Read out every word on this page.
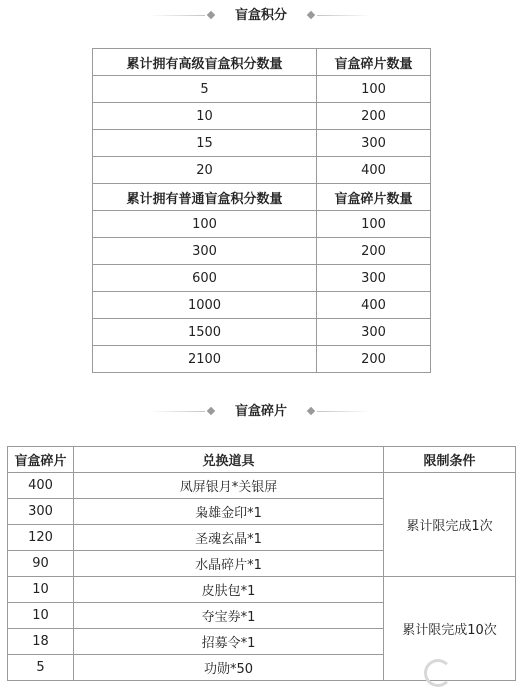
盲盒积分
累计拥有高级盲盒积分数量	盲盒碎片数量
5	100
10	200
15	300
20	400
累计拥有普通盲盒积分数量	盲盒碎片数量
100	100
300	200
600	300
1000	400
1500	300
2100	200
盲盒碎片
盲盒碎片	兑换道具	限制条件
400	凤屏银月*关银屏	累计限完成1次
300	枭雄金印*1	
120	圣魂玄晶*1	
90	水晶碎片*1	
10	皮肤包*1	累计限完成10次
10	夺宝券*1	
18	招募令*1	
5	功勋*50	
